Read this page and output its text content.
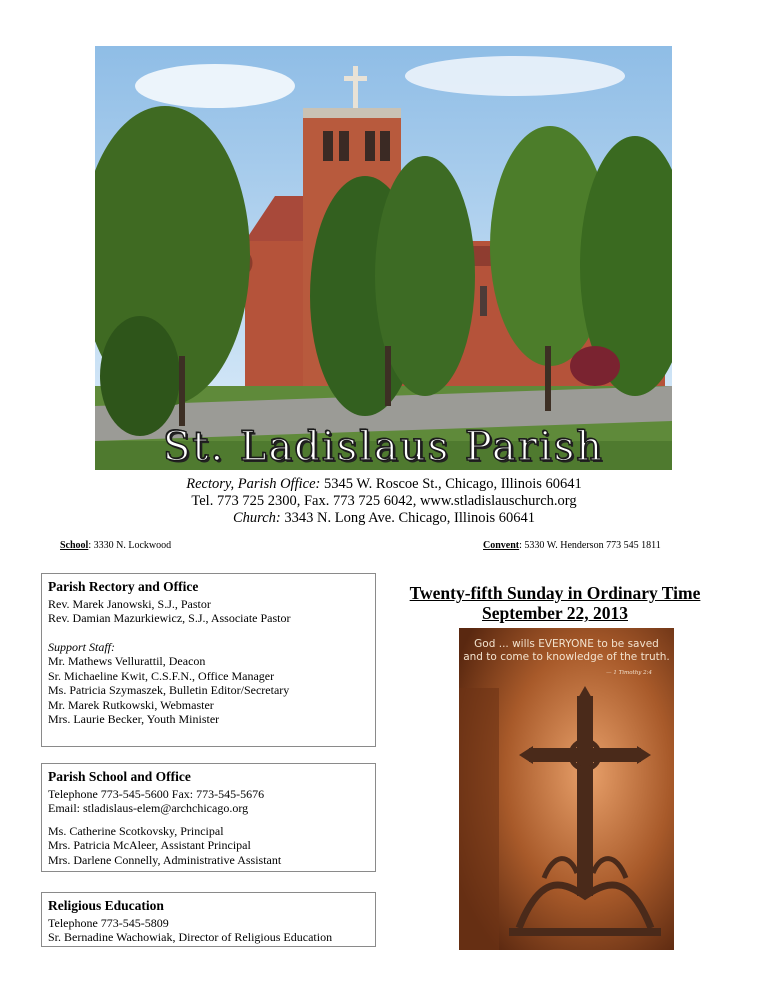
St. Ladislaus Parish
Rectory, Parish Office: 5345 W. Roscoe St., Chicago, Illinois 60641
Tel. 773 725 2300, Fax. 773 725 6042, www.stladislauschurch.org
Church: 3343 N. Long Ave. Chicago, Illinois 60641
School: 3330 N. Lockwood	Convent: 5330 W. Henderson 773 545 1811
Parish Rectory and Office

Rev. Marek Janowski, S.J., Pastor

Rev. Damian Mazurkiewicz, S.J., Associate Pastor

Support Staff:

Mr. Mathews Vellurattil, Deacon

Sr. Michaeline Kwit, C.S.F.N., Office Manager

Ms. Patricia Szymaszek, Bulletin Editor/Secretary

Mr. Marek Rutkowski, Webmaster

Mrs. Laurie Becker, Youth Minister

Parish School and Office

Telephone 773-545-5600 Fax: 773-545-5676

Email: stladislaus-elem@archchicago.org

Ms. Catherine Scotkovsky, Principal

Mrs. Patricia McAleer, Assistant Principal

Mrs. Darlene Connelly, Administrative Assistant

Religious Education

Telephone 773-545-5809

Sr. Bernadine Wachowiak, Director of Religious Education

Twenty-fifth Sunday in Ordinary Time
September 22, 2013
God ... wills EVERYONE to be saved
and to come to knowledge of the truth.
— 1 Timothy 2:4
